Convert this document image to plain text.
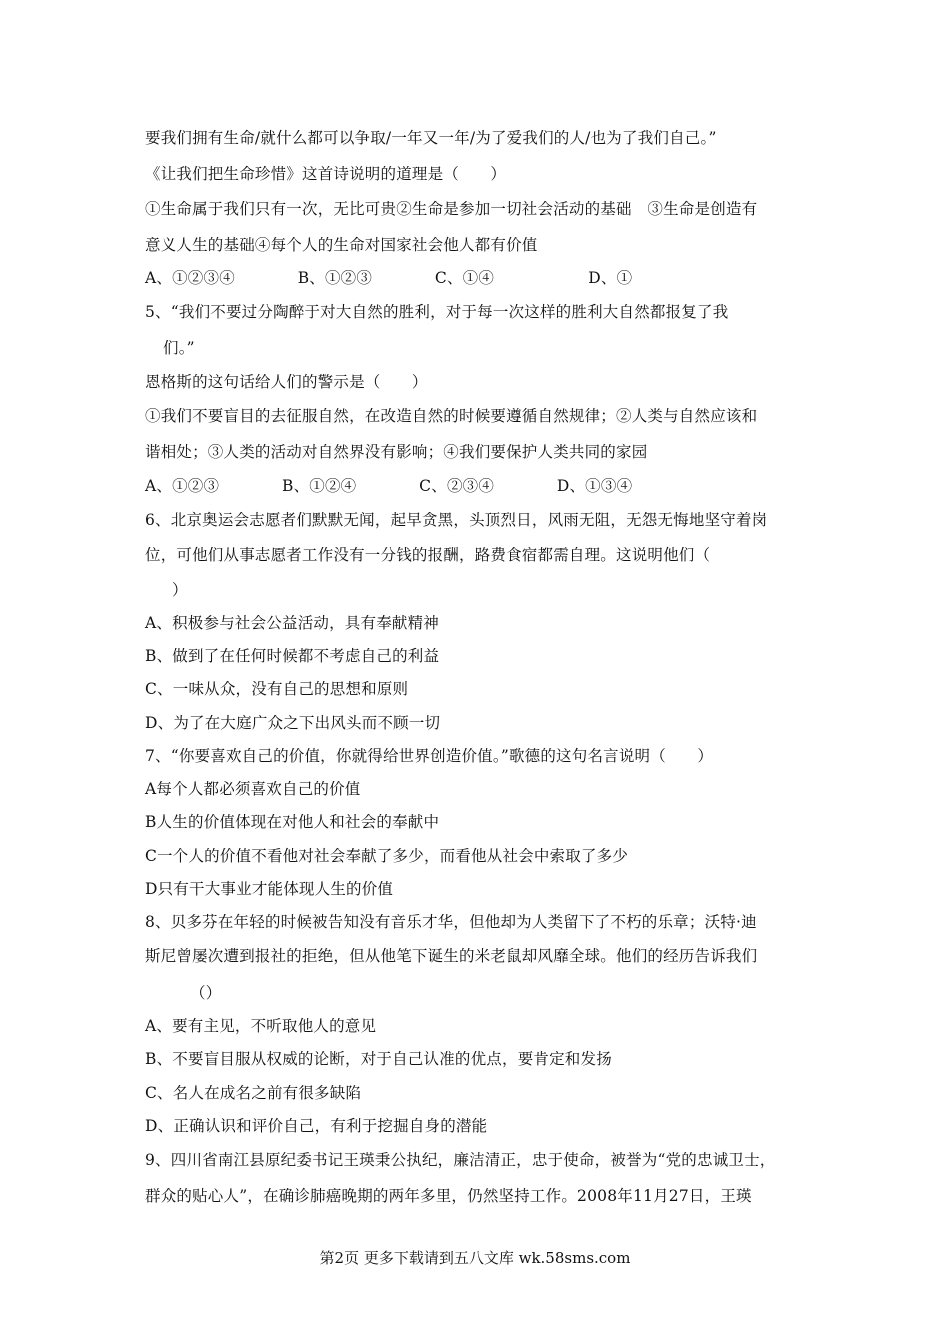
要我们拥有生命/就什么都可以争取/一年又一年/为了爱我们的人/也为了我们自己。”
《让我们把生命珍惜》这首诗说明的道理是（　　）
①生命属于我们只有一次，无比可贵②生命是参加一切社会活动的基础　③生命是创造有
意义人生的基础④每个人的生命对国家社会他人都有价值
A、①②③④　　　　B、①②③　　　　C、①④　　　　　　D、①
5、“我们不要过分陶醉于对大自然的胜利，对于每一次这样的胜利大自然都报复了我
们。”
恩格斯的这句话给人们的警示是（　　）
①我们不要盲目的去征服自然，在改造自然的时候要遵循自然规律；②人类与自然应该和
谐相处；③人类的活动对自然界没有影响；④我们要保护人类共同的家园
A、①②③　　　　B、①②④　　　　C、②③④　　　　D、①③④
6、北京奥运会志愿者们默默无闻，起早贪黑，头顶烈日，风雨无阻，无怨无悔地坚守着岗
位，可他们从事志愿者工作没有一分钱的报酬，路费食宿都需自理。这说明他们（
）
A、积极参与社会公益活动，具有奉献精神
B、做到了在任何时候都不考虑自己的利益
C、一味从众，没有自己的思想和原则
D、为了在大庭广众之下出风头而不顾一切
7、“你要喜欢自己的价值，你就得给世界创造价值。”歌德的这句名言说明（　　）
A每个人都必须喜欢自己的价值
B人生的价值体现在对他人和社会的奉献中
C一个人的价值不看他对社会奉献了多少，而看他从社会中索取了多少
D只有干大事业才能体现人生的价值
8、贝多芬在年轻的时候被告知没有音乐才华，但他却为人类留下了不朽的乐章；沃特·迪
斯尼曾屡次遭到报社的拒绝，但从他笔下诞生的米老鼠却风靡全球。他们的经历告诉我们
（）
A、要有主见，不听取他人的意见
B、不要盲目服从权威的论断，对于自己认准的优点，要肯定和发扬
C、名人在成名之前有很多缺陷
D、正确认识和评价自己，有利于挖掘自身的潜能
9、四川省南江县原纪委书记王瑛秉公执纪，廉洁清正，忠于使命，被誉为“党的忠诚卫士，
群众的贴心人”，在确诊肺癌晚期的两年多里，仍然坚持工作。2008年11月27日，王瑛
第2页 更多下载请到五八文库 wk.58sms.com
